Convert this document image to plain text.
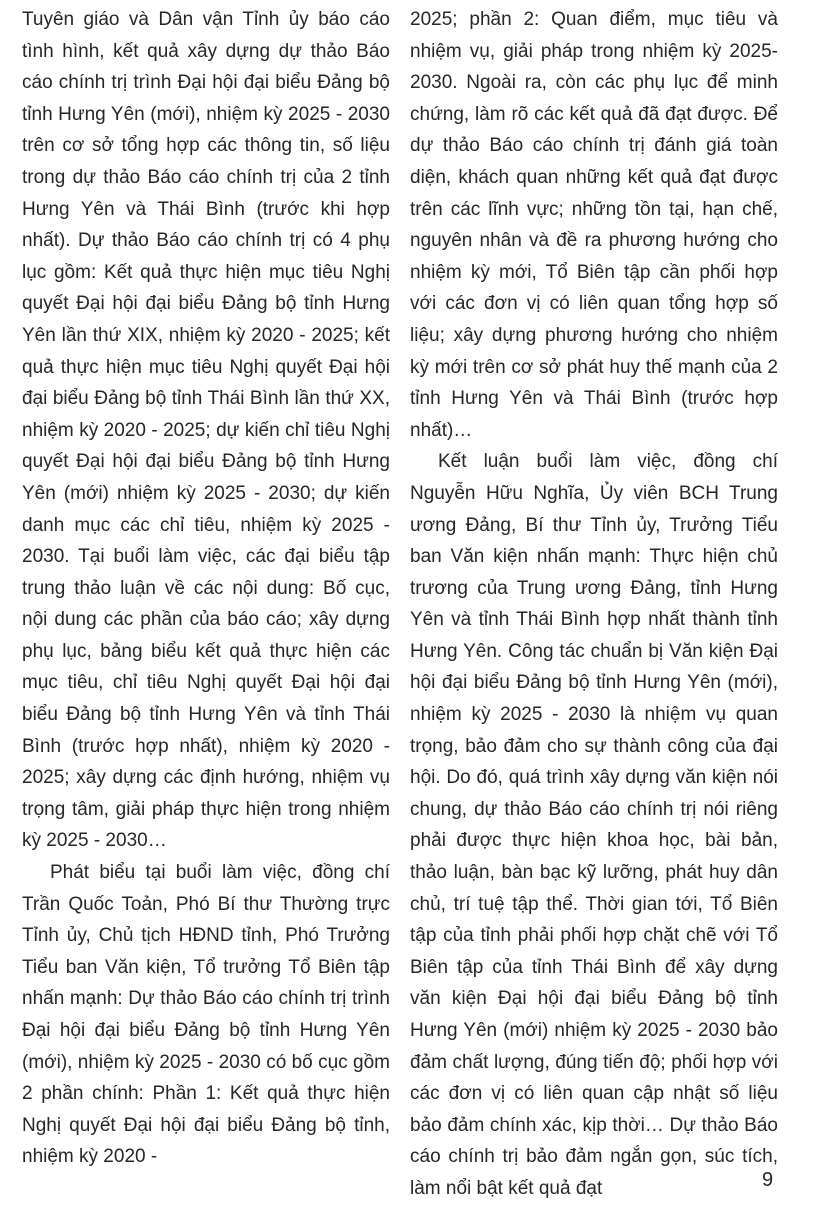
Tuyên giáo và Dân vận Tỉnh ủy báo cáo tình hình, kết quả xây dựng dự thảo Báo cáo chính trị trình Đại hội đại biểu Đảng bộ tỉnh Hưng Yên (mới), nhiệm kỳ 2025 - 2030 trên cơ sở tổng hợp các thông tin, số liệu trong dự thảo Báo cáo chính trị của 2 tỉnh Hưng Yên và Thái Bình (trước khi hợp nhất). Dự thảo Báo cáo chính trị có 4 phụ lục gồm: Kết quả thực hiện mục tiêu Nghị quyết Đại hội đại biểu Đảng bộ tỉnh Hưng Yên lần thứ XIX, nhiệm kỳ 2020 - 2025; kết quả thực hiện mục tiêu Nghị quyết Đại hội đại biểu Đảng bộ tỉnh Thái Bình lần thứ XX, nhiệm kỳ 2020 - 2025; dự kiến chỉ tiêu Nghị quyết Đại hội đại biểu Đảng bộ tỉnh Hưng Yên (mới) nhiệm kỳ 2025 - 2030; dự kiến danh mục các chỉ tiêu, nhiệm kỳ 2025 - 2030. Tại buổi làm việc, các đại biểu tập trung thảo luận về các nội dung: Bố cục, nội dung các phần của báo cáo; xây dựng phụ lục, bảng biểu kết quả thực hiện các mục tiêu, chỉ tiêu Nghị quyết Đại hội đại biểu Đảng bộ tỉnh Hưng Yên và tỉnh Thái Bình (trước hợp nhất), nhiệm kỳ 2020 - 2025; xây dựng các định hướng, nhiệm vụ trọng tâm, giải pháp thực hiện trong nhiệm kỳ 2025 - 2030…

Phát biểu tại buổi làm việc, đồng chí Trần Quốc Toản, Phó Bí thư Thường trực Tỉnh ủy, Chủ tịch HĐND tỉnh, Phó Trưởng Tiểu ban Văn kiện, Tổ trưởng Tổ Biên tập nhấn mạnh: Dự thảo Báo cáo chính trị trình Đại hội đại biểu Đảng bộ tỉnh Hưng Yên (mới), nhiệm kỳ 2025 - 2030 có bố cục gồm 2 phần chính: Phần 1: Kết quả thực hiện Nghị quyết Đại hội đại biểu Đảng bộ tỉnh, nhiệm kỳ 2020 -

2025; phần 2: Quan điểm, mục tiêu và nhiệm vụ, giải pháp trong nhiệm kỳ 2025-2030. Ngoài ra, còn các phụ lục để minh chứng, làm rõ các kết quả đã đạt được. Để dự thảo Báo cáo chính trị đánh giá toàn diện, khách quan những kết quả đạt được trên các lĩnh vực; những tồn tại, hạn chế, nguyên nhân và đề ra phương hướng cho nhiệm kỳ mới, Tổ Biên tập cần phối hợp với các đơn vị có liên quan tổng hợp số liệu; xây dựng phương hướng cho nhiệm kỳ mới trên cơ sở phát huy thế mạnh của 2 tỉnh Hưng Yên và Thái Bình (trước hợp nhất)…

Kết luận buổi làm việc, đồng chí Nguyễn Hữu Nghĩa, Ủy viên BCH Trung ương Đảng, Bí thư Tỉnh ủy, Trưởng Tiểu ban Văn kiện nhấn mạnh: Thực hiện chủ trương của Trung ương Đảng, tỉnh Hưng Yên và tỉnh Thái Bình hợp nhất thành tỉnh Hưng Yên. Công tác chuẩn bị Văn kiện Đại hội đại biểu Đảng bộ tỉnh Hưng Yên (mới), nhiệm kỳ 2025 - 2030 là nhiệm vụ quan trọng, bảo đảm cho sự thành công của đại hội. Do đó, quá trình xây dựng văn kiện nói chung, dự thảo Báo cáo chính trị nói riêng phải được thực hiện khoa học, bài bản, thảo luận, bàn bạc kỹ lưỡng, phát huy dân chủ, trí tuệ tập thể. Thời gian tới, Tổ Biên tập của tỉnh phải phối hợp chặt chẽ với Tổ Biên tập của tỉnh Thái Bình để xây dựng văn kiện Đại hội đại biểu Đảng bộ tỉnh Hưng Yên (mới) nhiệm kỳ 2025 - 2030 bảo đảm chất lượng, đúng tiến độ; phối hợp với các đơn vị có liên quan cập nhật số liệu bảo đảm chính xác, kịp thời… Dự thảo Báo cáo chính trị bảo đảm ngắn gọn, súc tích, làm nổi bật kết quả đạt	9
